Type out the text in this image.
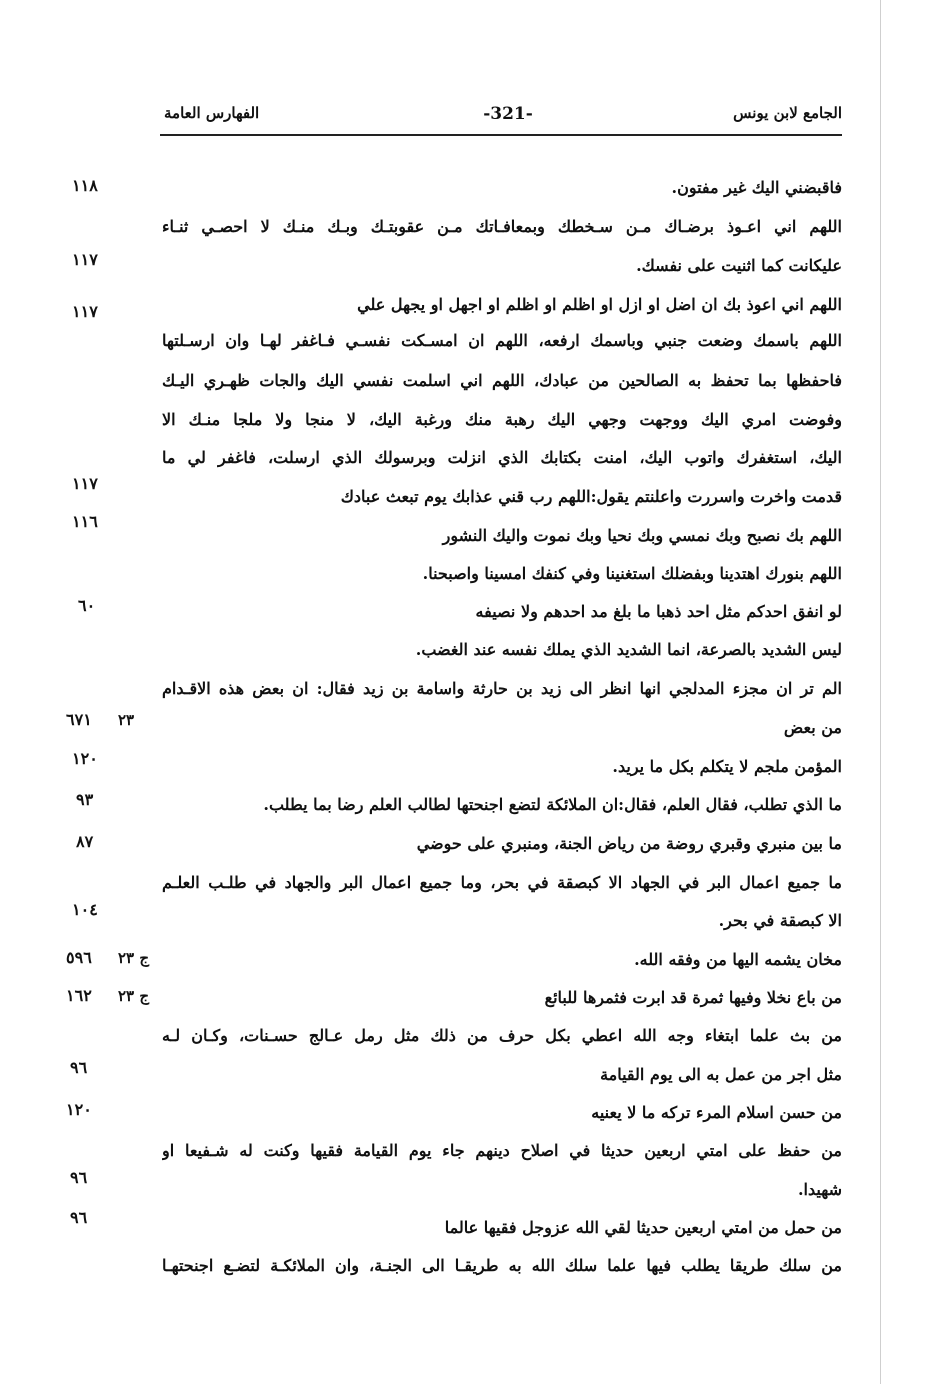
الجامع لابن يونس
-321-
الفهارس العامة
فاقبضني اليك غير مفتون.
اللهم اني اعـوذ برضـاك مـن سـخطك وبمعافـاتك مـن عقوبتـك وبـك منـك لا احصـي ثنـاء
عليكانت كما اثنيت على نفسك.
اللهم اني اعوذ بك ان اضل او ازل او اظلم او اظلم او اجهل او يجهل علي
اللهم باسمك وضعت جنبي وباسمك ارفعه، اللهم ان امسـكت نفسـي فـاغفر لهـا وان ارسـلتها
فاحفظها بما تحفظ به الصالحين من عبادك، اللهم اني اسلمت نفسي اليك والجات ظهـري اليـك
وفوضت امري اليك ووجهت وجهي اليك رهبة منك ورغبة اليك، لا منجا ولا ملجا منـك الا
اليك، استغفرك واتوب اليك، امنت بكتابك الذي انزلت وبرسولك الذي ارسلت، فاغفر لي ما
قدمت واخرت واسررت واعلنتم يقول:اللهم رب قني عذابك يوم تبعث عبادك
اللهم بك نصبح وبك نمسي وبك نحيا وبك نموت واليك النشور
اللهم بنورك اهتدينا وبفضلك استغنينا وفي كنفك امسينا واصبحنا.
لو انفق احدكم مثل احد ذهبا ما بلغ مد احدهم ولا نصيفه
ليس الشديد بالصرعة، انما الشديد الذي يملك نفسه عند الغضب.
الم تر ان مجزء المدلجي انها انظر الى زيد بن حارثة واسامة بن زيد فقال: ان بعض هذه الاقـدام
من بعض
المؤمن ملجم لا يتكلم بكل ما يريد.
ما الذي تطلب، فقال العلم، فقال:ان الملائكة لتضع اجنحتها لطالب العلم رضا بما يطلب.
ما بين منبري وقبري روضة من رياض الجنة، ومنبري على حوضي
ما جميع اعمال البر في الجهاد الا كبصقة في بحر، وما جميع اعمال البر والجهاد في طلـب العلـم
الا كبصقة في بحر.
مخان يشمه اليها من وفقه الله.
من باع نخلا وفيها ثمرة قد ابرت فثمرها للبائع
من بث علما ابتغاء وجه الله اعطي بكل حرف من ذلك مثل رمل عـالج حسـنات، وكـان لـه
مثل اجر من عمل به الى يوم القيامة
من حسن اسلام المرء تركه ما لا يعنيه
من حفظ على امتي اربعين حديثا في اصلاح دينهم جاء يوم القيامة فقيها وكنت له شـفيعا او
شهيدا.
من حمل من امتي اربعين حديثا لقي الله عزوجل فقيها عالما
من سلك طريقا يطلب فيها علما سلك الله به طريقـا الى الجنـة، وان الملائكـة لتضـع اجنحتهـا
١١٨
١١٧
١١٧
١١٧
١١٦
٦٠
٦٧١ ٢٣
١٢٠
٩٣
٨٧
١٠٤
٥٩٦ ج ٢٣
١٦٢ ج ٢٣
٩٦
١٢٠
٩٦
٩٦
